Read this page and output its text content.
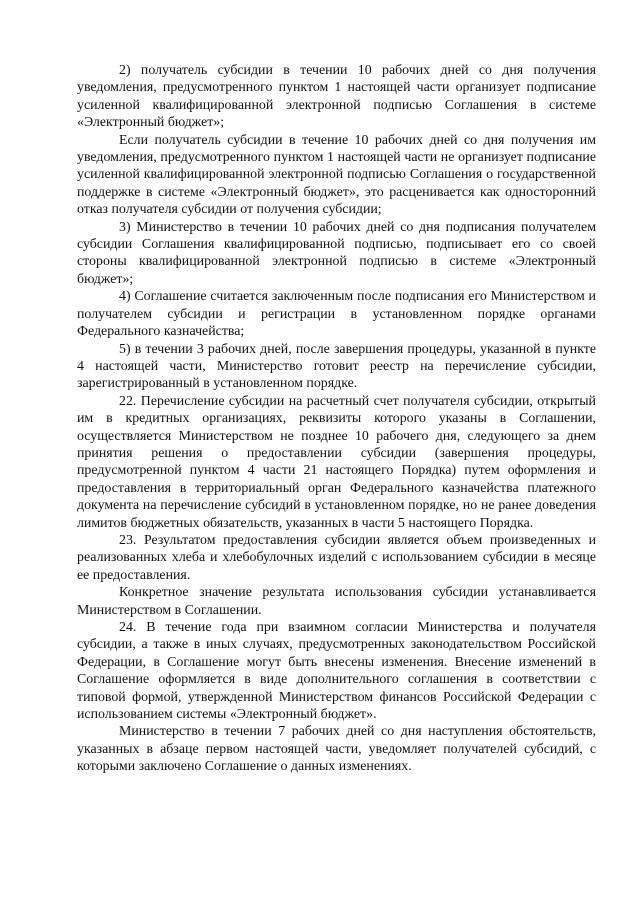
2) получатель субсидии в течении 10 рабочих дней со дня получения уведомления, предусмотренного пунктом 1 настоящей части организует подписание усиленной квалифицированной электронной подписью Соглашения в системе «Электронный бюджет»;

Если получатель субсидии в течение 10 рабочих дней со дня получения им уведомления, предусмотренного пунктом 1 настоящей части не организует подписание усиленной квалифицированной электронной подписью Соглашения о государственной поддержке в системе «Электронный бюджет», это расценивается как односторонний отказ получателя субсидии от получения субсидии;

3) Министерство в течении 10 рабочих дней со дня подписания получателем субсидии Соглашения квалифицированной подписью, подписывает его со своей стороны квалифицированной электронной подписью в системе «Электронный бюджет»;

4) Соглашение считается заключенным после подписания его Министерством и получателем субсидии и регистрации в установленном порядке органами Федерального казначейства;

5) в течении 3 рабочих дней, после завершения процедуры, указанной в пункте 4 настоящей части, Министерство готовит реестр на перечисление субсидии, зарегистрированный в установленном порядке.

22. Перечисление субсидии на расчетный счет получателя субсидии, открытый им в кредитных организациях, реквизиты которого указаны в Соглашении, осуществляется Министерством не позднее 10 рабочего дня, следующего за днем принятия решения о предоставлении субсидии (завершения процедуры, предусмотренной пунктом 4 части 21 настоящего Порядка) путем оформления и предоставления в территориальный орган Федерального казначейства платежного документа на перечисление субсидий в установленном порядке, но не ранее доведения лимитов бюджетных обязательств, указанных в части 5 настоящего Порядка.

23. Результатом предоставления субсидии является объем произведенных и реализованных хлеба и хлебобулочных изделий с использованием субсидии в месяце ее предоставления.

Конкретное значение результата использования субсидии устанавливается Министерством в Соглашении.

24. В течение года при взаимном согласии Министерства и получателя субсидии, а также в иных случаях, предусмотренных законодательством Российской Федерации, в Соглашение могут быть внесены изменения. Внесение изменений в Соглашение оформляется в виде дополнительного соглашения в соответствии с типовой формой, утвержденной Министерством финансов Российской Федерации с использованием системы «Электронный бюджет».

Министерство в течении 7 рабочих дней со дня наступления обстоятельств, указанных в абзаце первом настоящей части, уведомляет получателей субсидий, с которыми заключено Соглашение о данных изменениях.
